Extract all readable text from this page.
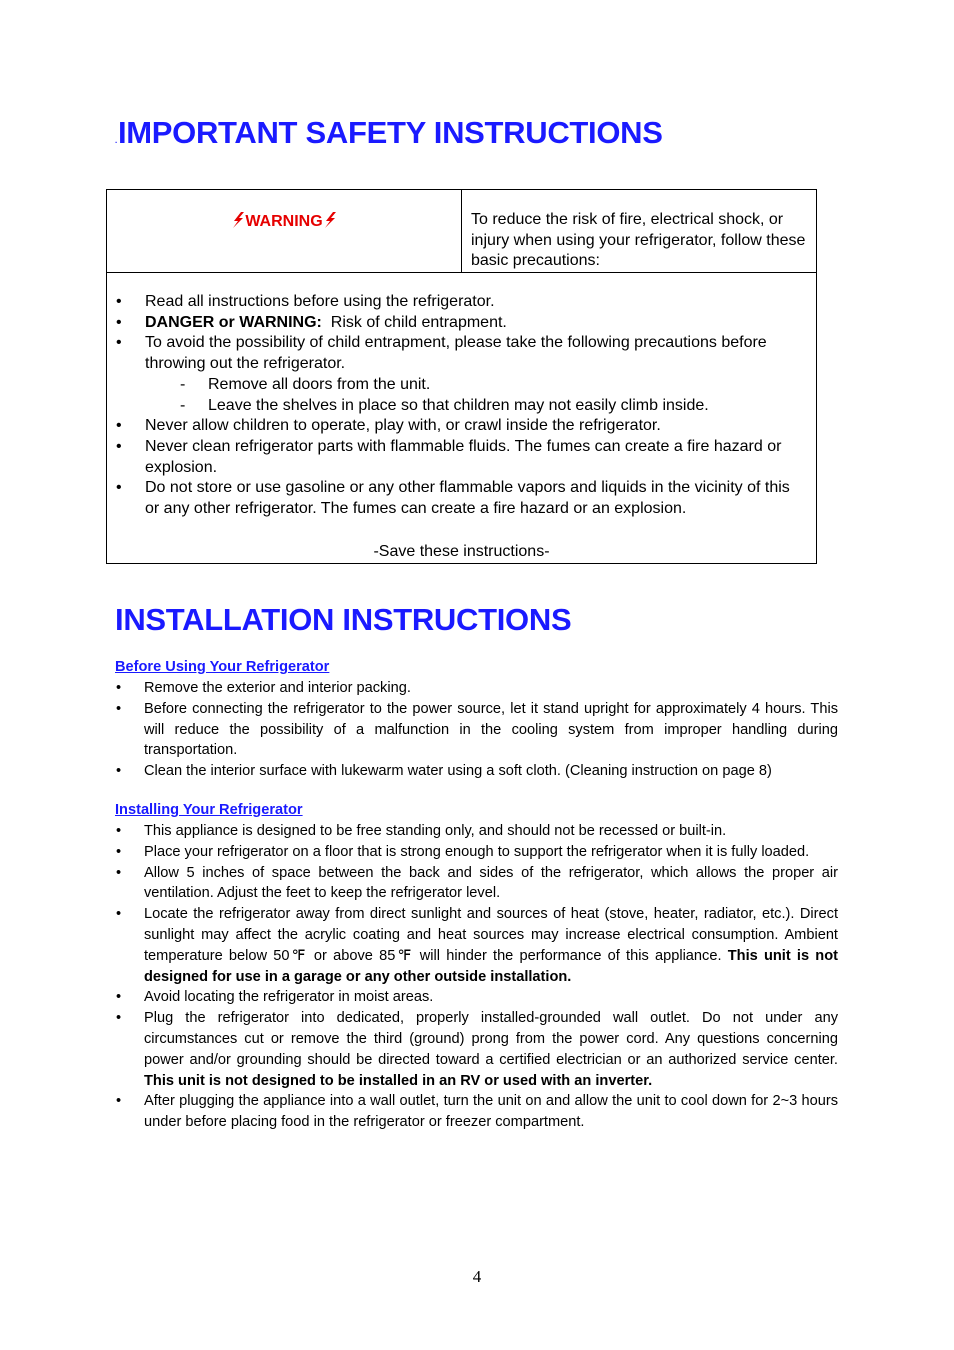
.IMPORTANT SAFETY INSTRUCTIONS
WARNING	To reduce the risk of fire, electrical shock, or injury when using your refrigerator, follow these basic precautions:

• Read all instructions before using the refrigerator.
• DANGER or WARNING: Risk of child entrapment.
• To avoid the possibility of child entrapment, please take the following precautions before throwing out the refrigerator.
- Remove all doors from the unit.
- Leave the shelves in place so that children may not easily climb inside.
• Never allow children to operate, play with, or crawl inside the refrigerator.
• Never clean refrigerator parts with flammable fluids. The fumes can create a fire hazard or explosion.
• Do not store or use gasoline or any other flammable vapors and liquids in the vicinity of this or any other refrigerator. The fumes can create a fire hazard or an explosion.
-Save these instructions-
INSTALLATION INSTRUCTIONS
Before Using Your Refrigerator
• Remove the exterior and interior packing.
• Before connecting the refrigerator to the power source, let it stand upright for approximately 4 hours. This will reduce the possibility of a malfunction in the cooling system from improper handling during transportation.
• Clean the interior surface with lukewarm water using a soft cloth. (Cleaning instruction on page 8)
Installing Your Refrigerator
• This appliance is designed to be free standing only, and should not be recessed or built-in.
• Place your refrigerator on a floor that is strong enough to support the refrigerator when it is fully loaded.
• Allow 5 inches of space between the back and sides of the refrigerator, which allows the proper air ventilation. Adjust the feet to keep the refrigerator level.
• Locate the refrigerator away from direct sunlight and sources of heat (stove, heater, radiator, etc.). Direct sunlight may affect the acrylic coating and heat sources may increase electrical consumption. Ambient temperature below 50℉ or above 85℉ will hinder the performance of this appliance. This unit is not designed for use in a garage or any other outside installation.
• Avoid locating the refrigerator in moist areas.
• Plug the refrigerator into dedicated, properly installed-grounded wall outlet. Do not under any circumstances cut or remove the third (ground) prong from the power cord. Any questions concerning power and/or grounding should be directed toward a certified electrician or an authorized service center. This unit is not designed to be installed in an RV or used with an inverter.
• After plugging the appliance into a wall outlet, turn the unit on and allow the unit to cool down for 2~3 hours under before placing food in the refrigerator or freezer compartment.
4
